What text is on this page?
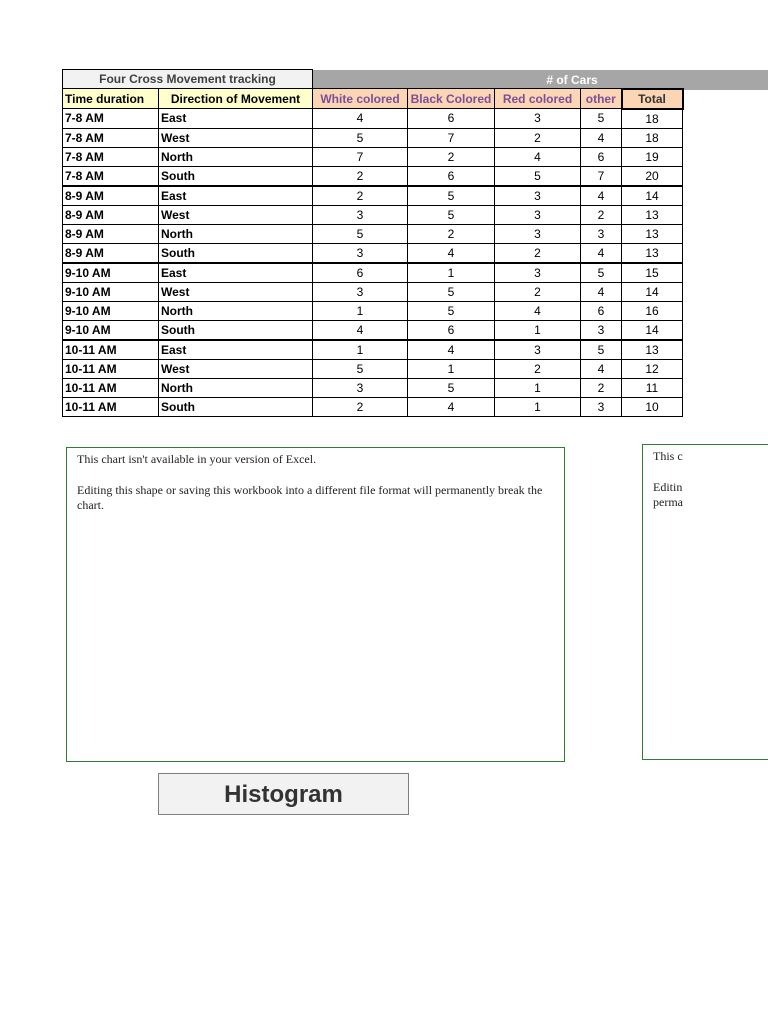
# of Cars
Four Cross Movement tracking						
Time duration	Direction of Movement	White colored	Black Colored	Red colored	other	Total
7-8 AM	East	4	6	3	5	18
7-8 AM	West	5	7	2	4	18
7-8 AM	North	7	2	4	6	19
7-8 AM	South	2	6	5	7	20
8-9 AM	East	2	5	3	4	14
8-9 AM	West	3	5	3	2	13
8-9 AM	North	5	2	3	3	13
8-9 AM	South	3	4	2	4	13
9-10 AM	East	6	1	3	5	15
9-10 AM	West	3	5	2	4	14
9-10 AM	North	1	5	4	6	16
9-10 AM	South	4	6	1	3	14
10-11 AM	East	1	4	3	5	13
10-11 AM	West	5	1	2	4	12
10-11 AM	North	3	5	1	2	11
10-11 AM	South	2	4	1	3	10

This chart isn't available in your version of Excel.

Editing this shape or saving this workbook into a different file format will permanently break the chart.

This c

Editin perma

Histogram
